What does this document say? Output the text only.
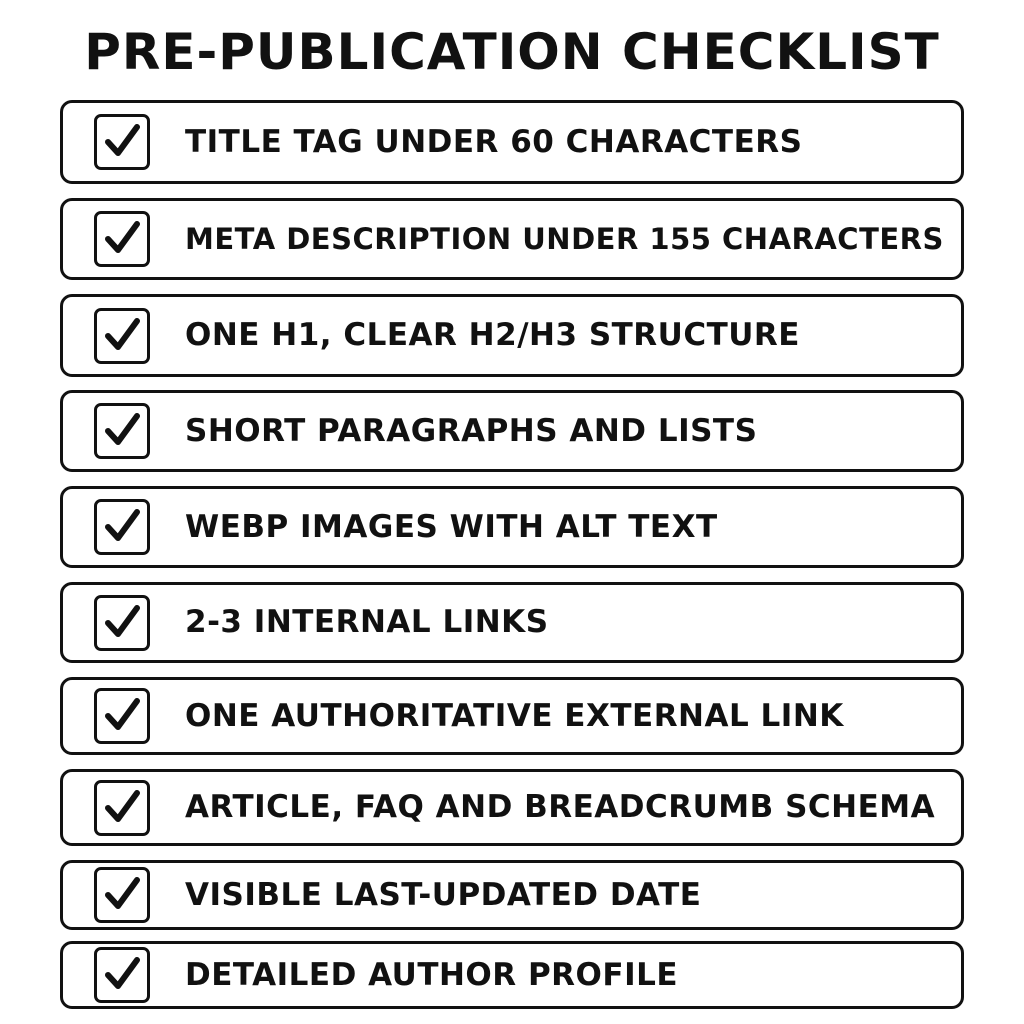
PRE-PUBLICATION CHECKLIST
TITLE TAG UNDER 60 CHARACTERS
META DESCRIPTION UNDER 155 CHARACTERS
ONE H1, CLEAR H2/H3 STRUCTURE
SHORT PARAGRAPHS AND LISTS
WEBP IMAGES WITH ALT TEXT
2-3 INTERNAL LINKS
ONE AUTHORITATIVE EXTERNAL LINK
ARTICLE, FAQ AND BREADCRUMB SCHEMA
VISIBLE LAST-UPDATED DATE
DETAILED AUTHOR PROFILE
